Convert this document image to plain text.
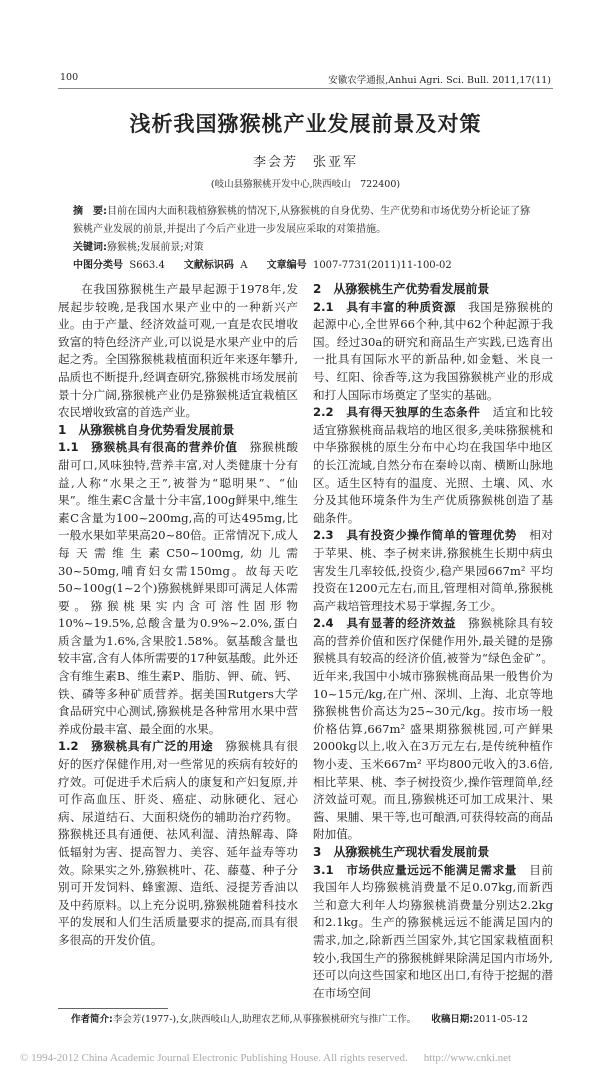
100	安徽农学通报,Anhui Agri. Sci. Bull. 2011,17(11)
浅析我国猕猴桃产业发展前景及对策
李会芳　张亚军
(岐山县猕猴桃开发中心,陕西岐山　722400)
摘　要:目前在国内大面积栽植猕猴桃的情况下,从猕猴桃的自身优势、生产优势和市场优势分析论证了猕猴桃产业发展的前景,并提出了今后产业进一步发展应采取的对策措施。
关键词:猕猴桃;发展前景;对策
中图分类号 S663.4 文献标识码 A 文章编号 1007-7731(2011)11-100-02

在我国猕猴桃生产最早起源于1978年,发展起步较晚,是我国水果产业中的一种新兴产业。由于产量、经济效益可观,一直是农民增收致富的特色经济产业,可以说是水果产业中的后起之秀。全国猕猴桃栽植面积近年来逐年攀升,品质也不断提升,经调查研究,猕猴桃市场发展前景十分广阔,猕猴桃产业仍是猕猴桃适宜栽植区农民增收致富的首选产业。

1　从猕猴桃自身优势看发展前景

1.1　猕猴桃具有很高的营养价值　猕猴桃酸甜可口,风味独特,营养丰富,对人类健康十分有益,人称“水果之王”,被誉为“聪明果”、“仙果”。维生素C含量十分丰富,100g鲜果中,维生素C含量为100~200mg,高的可达495mg,比一般水果如苹果高20~80倍。正常情况下,成人每天需维生素C50~100mg,幼儿需30~50mg,哺育妇女需150mg。故每天吃50~100g(1~2个)猕猴桃鲜果即可满足人体需要。猕猴桃果实内含可溶性固形物10%~19.5%,总酸含量为0.9%~2.0%,蛋白质含量为1.6%,含果胶1.58%。氨基酸含量也较丰富,含有人体所需要的17种氨基酸。此外还含有维生素B、维生素P、脂肪、钾、硫、钙、铁、磷等多种矿质营养。据美国Rutgers大学食品研究中心测试,猕猴桃是各种常用水果中营养成份最丰富、最全面的水果。

1.2　猕猴桃具有广泛的用途　猕猴桃具有很好的医疗保健作用,对一些常见的疾病有较好的疗效。可促进手术后病人的康复和产妇复原,并可作高血压、肝炎、癌症、动脉硬化、冠心病、尿道结石、大面积烧伤的辅助治疗药物。猕猴桃还具有通便、祛风利湿、清热解毒、降低辐射为害、提高智力、美容、延年益寿等功效。除果实之外,猕猴桃叶、花、藤蔓、种子分别可开发饲料、蜂蜜源、造纸、浸提芳香油以及中药原料。以上充分说明,猕猴桃随着科技水平的发展和人们生活质量要求的提高,而具有很多很高的开发价值。

2　从猕猴桃生产优势看发展前景

2.1　具有丰富的种质资源　我国是猕猴桃的起源中心,全世界66个种,其中62个种起源于我国。经过30a的研究和商品生产实践,已选育出一批具有国际水平的新品种,如金魁、米良一号、红阳、徐香等,这为我国猕猴桃产业的形成和打人国际市场奠定了坚实的基础。

2.2　具有得天独厚的生态条件　适宜和比较适宜猕猴桃商品栽培的地区很多,美味猕猴桃和中华猕猴桃的原生分布中心均在我国华中地区的长江流域,自然分布在秦岭以南、横断山脉地区。适生区特有的温度、光照、土壤、风、水分及其他环境条件为生产优质猕猴桃创造了基础条件。

2.3　具有投资少操作简单的管理优势　相对于苹果、桃、李子树来讲,猕猴桃生长期中病虫害发生几率较低,投资少,稳产果园667m² 平均投资在1200元左右,而且,管理相对简单,猕猴桃高产栽培管理技术易于掌握,务工少。

2.4　具有显著的经济效益　猕猴桃除具有较高的营养价值和医疗保健作用外,最关键的是猕猴桃具有较高的经济价值,被誉为“绿色金矿”。近年来,我国中小城市猕猴桃商品果一般售价为10~15元/kg,在广州、深圳、上海、北京等地猕猴桃售价高达为25~30元/kg。按市场一般价格估算,667m² 盛果期猕猴桃园,可产鲜果2000kg以上,收入在3万元左右,是传统种植作物小麦、玉米667m² 平均800元收入的3.6倍,相比苹果、桃、李子树投资少,操作管理简单,经济效益可观。而且,猕猴桃还可加工成果汁、果酱、果脯、果干等,也可酿酒,可获得较高的商品附加值。

3　从猕猴桃生产现状看发展前景

3.1　市场供应量远远不能满足需求量　目前我国年人均猕猴桃消费量不足0.07kg,而新西兰和意大利年人均猕猴桃消费量分别达2.2kg和2.1kg。生产的猕猴桃远远不能满足国内的需求,加之,除新西兰国家外,其它国家栽植面积较小,我国生产的猕猴桃鲜果除满足国内市场外,还可以向这些国家和地区出口,有待于挖掘的潜在市场空间

作者简介:李会芳(1977-),女,陕西岐山人,助理农艺师,从事猕猴桃研究与推广工作。 收稿日期:2011-05-12
© 1994-2012 China Academic Journal Electronic Publishing House. All rights reserved. http://www.cnki.net
